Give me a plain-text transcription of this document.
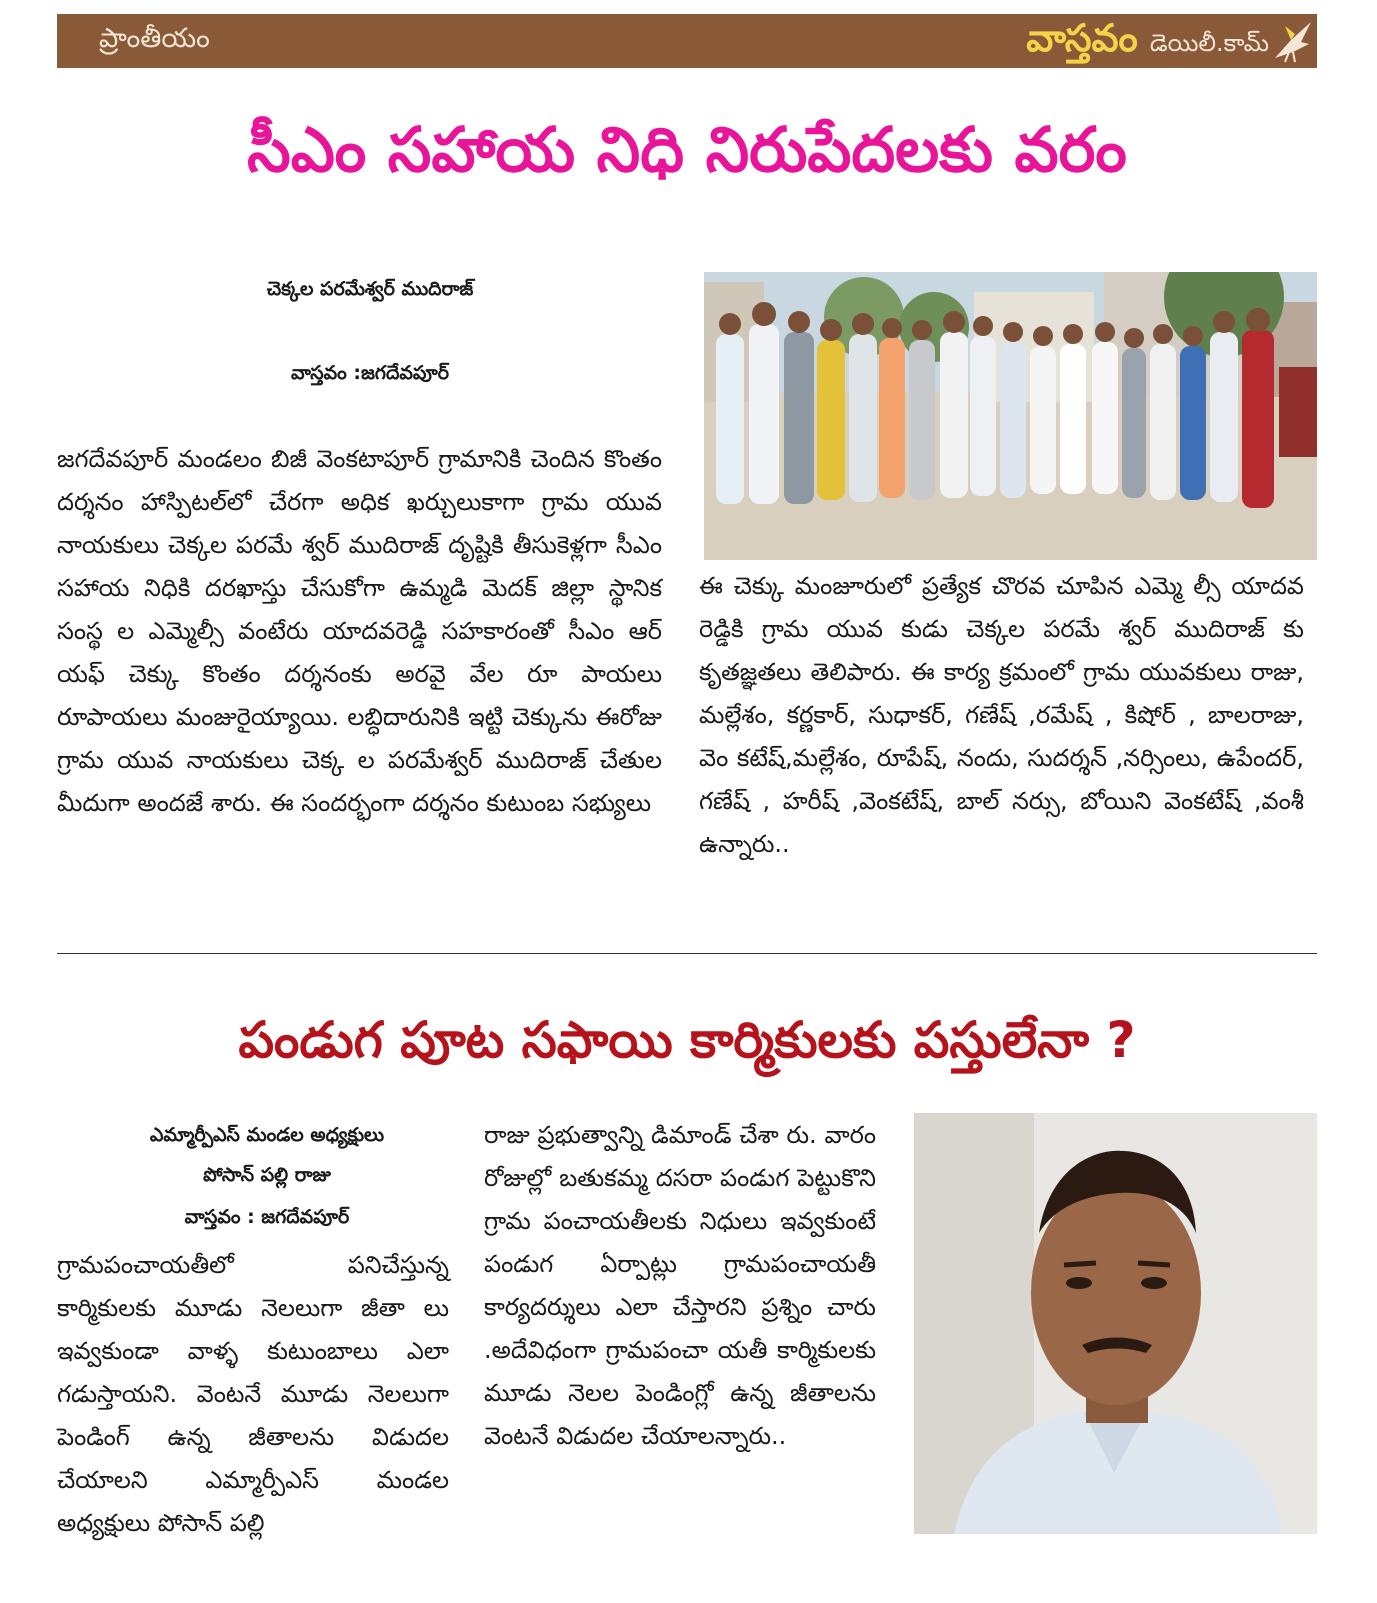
ప్రాంతీయం	వాస్తవం డెయిలీ.కామ్
సీఎం సహాయ నిధి నిరుపేదలకు వరం
చెక్కల పరమేశ్వర్ ముదిరాజ్
వాస్తవం :జగదేవపూర్

జగదేవపూర్ మండలం బిజీ వెంకటాపూర్ గ్రామానికి చెందిన కొంతం దర్శనం హాస్పిటల్‌లో చేరగా అధిక ఖర్చులుకాగా గ్రామ యువ నాయకులు చెక్కల పరమే శ్వర్ ముదిరాజ్ దృష్టికి తీసుకెళ్లగా సీఎం సహాయ నిధికి దరఖాస్తు చేసుకోగా ఉమ్మడి మెదక్ జిల్లా స్థానిక సంస్థ ల ఎమ్మెల్సీ వంటేరు యాదవరెడ్డి సహకారంతో సీఎం ఆర్ యఫ్ చెక్కు కొంతం దర్శనంకు అరవై వేల రూ పాయలు రూపాయలు మంజురైయ్యాయి. లబ్ధిదారునికి ఇట్టి చెక్కును ఈరోజు గ్రామ యువ నాయకులు చెక్క ల పరమేశ్వర్ ముదిరాజ్ చేతుల మీదుగా అందజే శారు. ఈ సందర్భంగా దర్శనం కుటుంబ సభ్యులు

ఈ చెక్కు మంజూరులో ప్రత్యేక చొరవ చూపిన ఎమ్మె ల్సీ యాదవ రెడ్డికి గ్రామ యువ కుడు చెక్కల పరమే శ్వర్ ముదిరాజ్ కు కృతజ్ఞతలు తెలిపారు. ఈ కార్య క్రమంలో గ్రామ యువకులు రాజు, మల్లేశం, కర్ణకార్, సుధాకర్, గణేష్ ,రమేష్ , కిషోర్ , బాలరాజు, వెం కటేష్,మల్లేశం, రూపేష్, నందు, సుదర్శన్ ,నర్సింలు, ఉపేందర్, గణేష్ , హరీష్ ,వెంకటేష్, బాల్ నర్సు, బోయిని వెంకటేష్ ,వంశీ ఉన్నారు..

పండుగ పూట సఫాయి కార్మికులకు పస్తులేనా ?
ఎమ్మార్పీఎస్ మండల అధ్యక్షులు
పోసాన్ పల్లి రాజు
వాస్తవం : జగదేవపూర్

గ్రామపంచాయతీలో పనిచేస్తున్న కార్మికులకు మూడు నెలలుగా జీతా లు ఇవ్వకుండా వాళ్ళ కుటుంబాలు ఎలా గడుస్తాయని. వెంటనే మూడు నెలలుగా పెండింగ్ ఉన్న జీతాలను విడుదల చేయాలని ఎమ్మార్పీఎస్ మండల అధ్యక్షులు పోసాన్ పల్లి

రాజు ప్రభుత్వాన్ని డిమాండ్ చేశా రు. వారం రోజుల్లో బతుకమ్మ దసరా పండుగ పెట్టుకొని గ్రామ పంచాయతీలకు నిధులు ఇవ్వకుంటే పండుగ ఏర్పాట్లు గ్రామపంచాయతీ కార్యదర్శులు ఎలా చేస్తారని ప్రశ్నిం చారు .అదేవిధంగా గ్రామపంచా యతీ కార్మికులకు మూడు నెలల పెండింగ్లో ఉన్న జీతాలను వెంటనే విడుదల చేయాలన్నారు..
